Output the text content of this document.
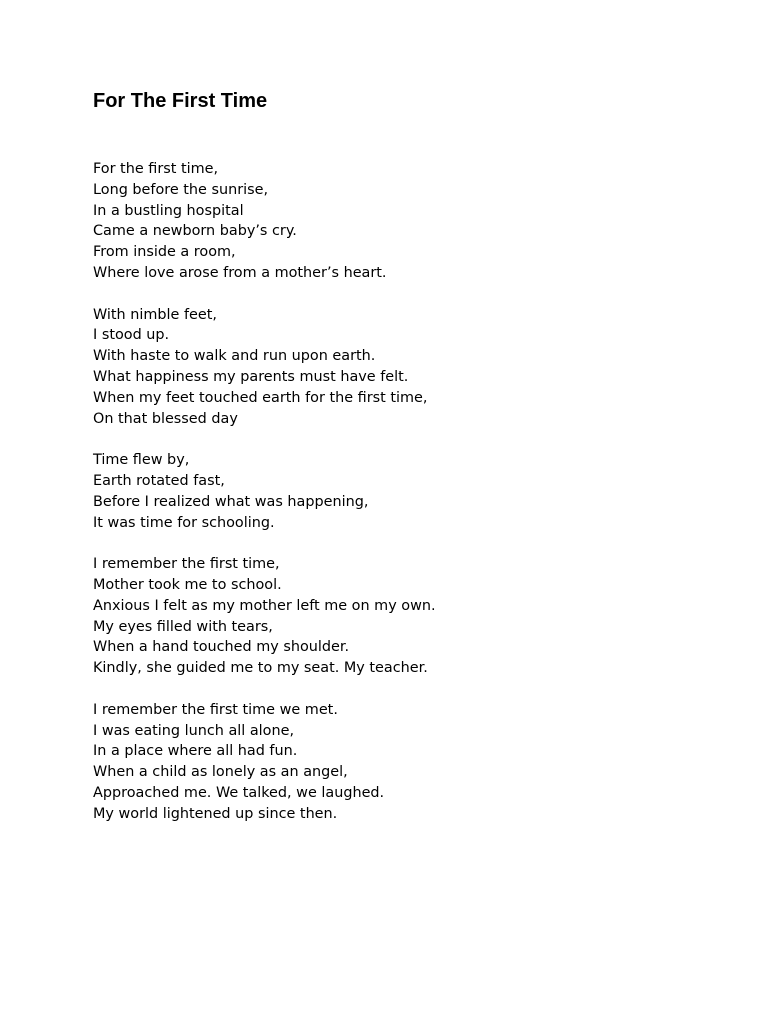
For The First Time
For the first time,
Long before the sunrise,
In a bustling hospital
Came a newborn baby’s cry.
From inside a room,
Where love arose from a mother’s heart.
With nimble feet,
I stood up.
With haste to walk and run upon earth.
What happiness my parents must have felt.
When my feet touched earth for the first time,
On that blessed day
Time flew by,
Earth rotated fast,
Before I realized what was happening,
It was time for schooling.
I remember the first time,
Mother took me to school.
Anxious I felt as my mother left me on my own.
My eyes filled with tears,
When a hand touched my shoulder.
Kindly, she guided me to my seat. My teacher.
I remember the first time we met.
I was eating lunch all alone,
In a place where all had fun.
When a child as lonely as an angel,
Approached me. We talked, we laughed.
My world lightened up since then.
